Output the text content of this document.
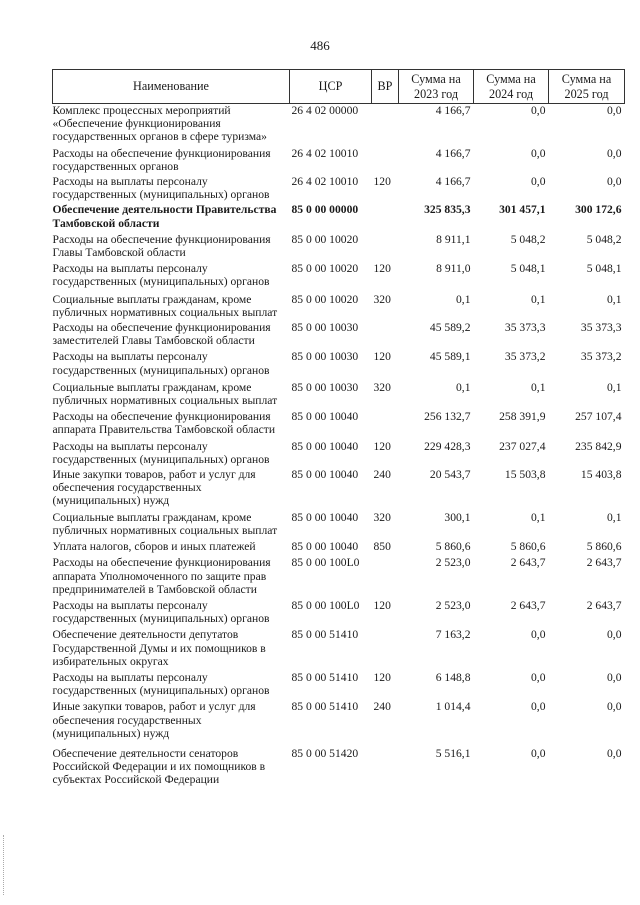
486
Наименование	ЦСР	ВР	Сумма на 2023 год	Сумма на 2024 год	Сумма на 2025 год
Комплекс процессных мероприятий «Обеспечение функционирования государственных органов в сфере туризма»	26 4 02 00000		4 166,7	0,0	0,0
Расходы на обеспечение функционирования государственных органов	26 4 02 10010		4 166,7	0,0	0,0
Расходы на выплаты персоналу государственных (муниципальных) органов	26 4 02 10010	120	4 166,7	0,0	0,0
Обеспечение деятельности Правительства Тамбовской области	85 0 00 00000		325 835,3	301 457,1	300 172,6
Расходы на обеспечение функционирования Главы Тамбовской области	85 0 00 10020		8 911,1	5 048,2	5 048,2
Расходы на выплаты персоналу государственных (муниципальных) органов	85 0 00 10020	120	8 911,0	5 048,1	5 048,1
Социальные выплаты гражданам, кроме публичных нормативных социальных выплат	85 0 00 10020	320	0,1	0,1	0,1
Расходы на обеспечение функционирования заместителей Главы Тамбовской области	85 0 00 10030		45 589,2	35 373,3	35 373,3
Расходы на выплаты персоналу государственных (муниципальных) органов	85 0 00 10030	120	45 589,1	35 373,2	35 373,2
Социальные выплаты гражданам, кроме публичных нормативных социальных выплат	85 0 00 10030	320	0,1	0,1	0,1
Расходы на обеспечение функционирования аппарата Правительства Тамбовской области	85 0 00 10040		256 132,7	258 391,9	257 107,4
Расходы на выплаты персоналу государственных (муниципальных) органов	85 0 00 10040	120	229 428,3	237 027,4	235 842,9
Иные закупки товаров, работ и услуг для обеспечения государственных (муниципальных) нужд	85 0 00 10040	240	20 543,7	15 503,8	15 403,8
Социальные выплаты гражданам, кроме публичных нормативных социальных выплат	85 0 00 10040	320	300,1	0,1	0,1
Уплата налогов, сборов и иных платежей	85 0 00 10040	850	5 860,6	5 860,6	5 860,6
Расходы на обеспечение функционирования аппарата Уполномоченного по защите прав предпринимателей в Тамбовской области	85 0 00 100L0		2 523,0	2 643,7	2 643,7
Расходы на выплаты персоналу государственных (муниципальных) органов	85 0 00 100L0	120	2 523,0	2 643,7	2 643,7
Обеспечение деятельности депутатов Государственной Думы и их помощников в избирательных округах	85 0 00 51410		7 163,2	0,0	0,0
Расходы на выплаты персоналу государственных (муниципальных) органов	85 0 00 51410	120	6 148,8	0,0	0,0
Иные закупки товаров, работ и услуг для обеспечения государственных (муниципальных) нужд	85 0 00 51410	240	1 014,4	0,0	0,0
Обеспечение деятельности сенаторов Российской Федерации и их помощников в субъектах Российской Федерации	85 0 00 51420		5 516,1	0,0	0,0
